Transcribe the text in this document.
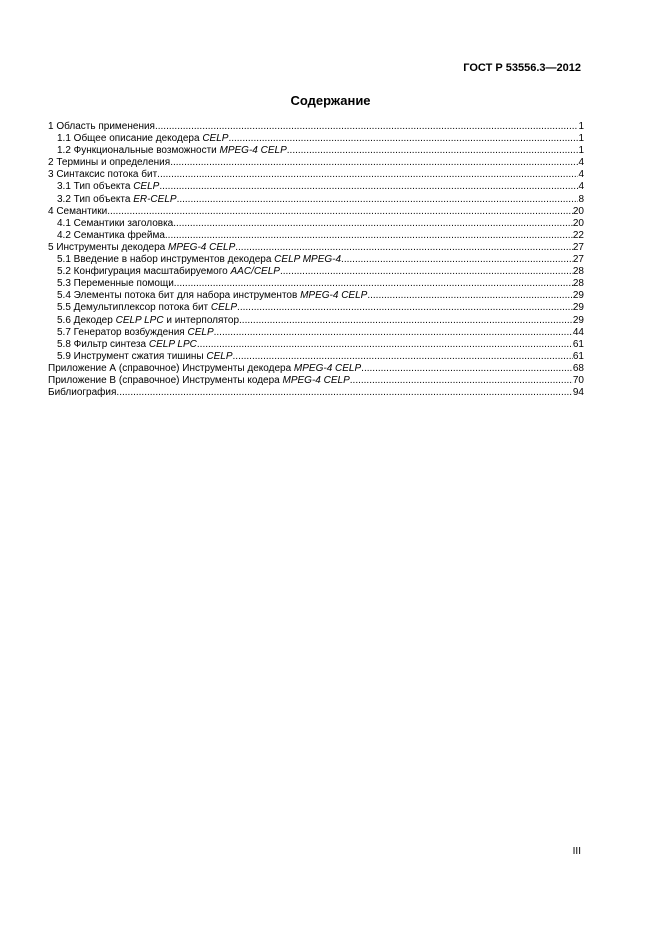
ГОСТ Р 53556.3—2012
Содержание
1 Область применения .....	1
1.1 Общее описание декодера CELP .....	1
1.2 Функциональные возможности MPEG-4 CELP .....	1
2 Термины и определения .....	4
3 Синтаксис потока бит .....	4
3.1 Тип объекта CELP .....	4
3.2 Тип объекта ER-CELP .....	8
4 Семантики .....	20
4.1 Семантики заголовка .....	20
4.2 Семантика фрейма .....	22
5 Инструменты декодера MPEG-4 CELP .....	27
5.1 Введение в набор инструментов декодера CELP MPEG-4 .....	27
5.2 Конфигурация масштабируемого AAC/CELP .....	28
5.3 Переменные помощи .....	28
5.4 Элементы потока бит для набора инструментов MPEG-4 CELP .....	29
5.5 Демультиплексор потока бит CELP .....	29
5.6 Декодер CELP LPC и интерполятор .....	29
5.7 Генератор возбуждения CELP .....	44
5.8 Фильтр синтеза CELP LPC .....	61
5.9 Инструмент сжатия тишины CELP .....	61
Приложение А (справочное) Инструменты декодера MPEG-4 CELP .....	68
Приложение В (справочное) Инструменты кодера MPEG-4 CELP .....	70
Библиография .....	94
III
